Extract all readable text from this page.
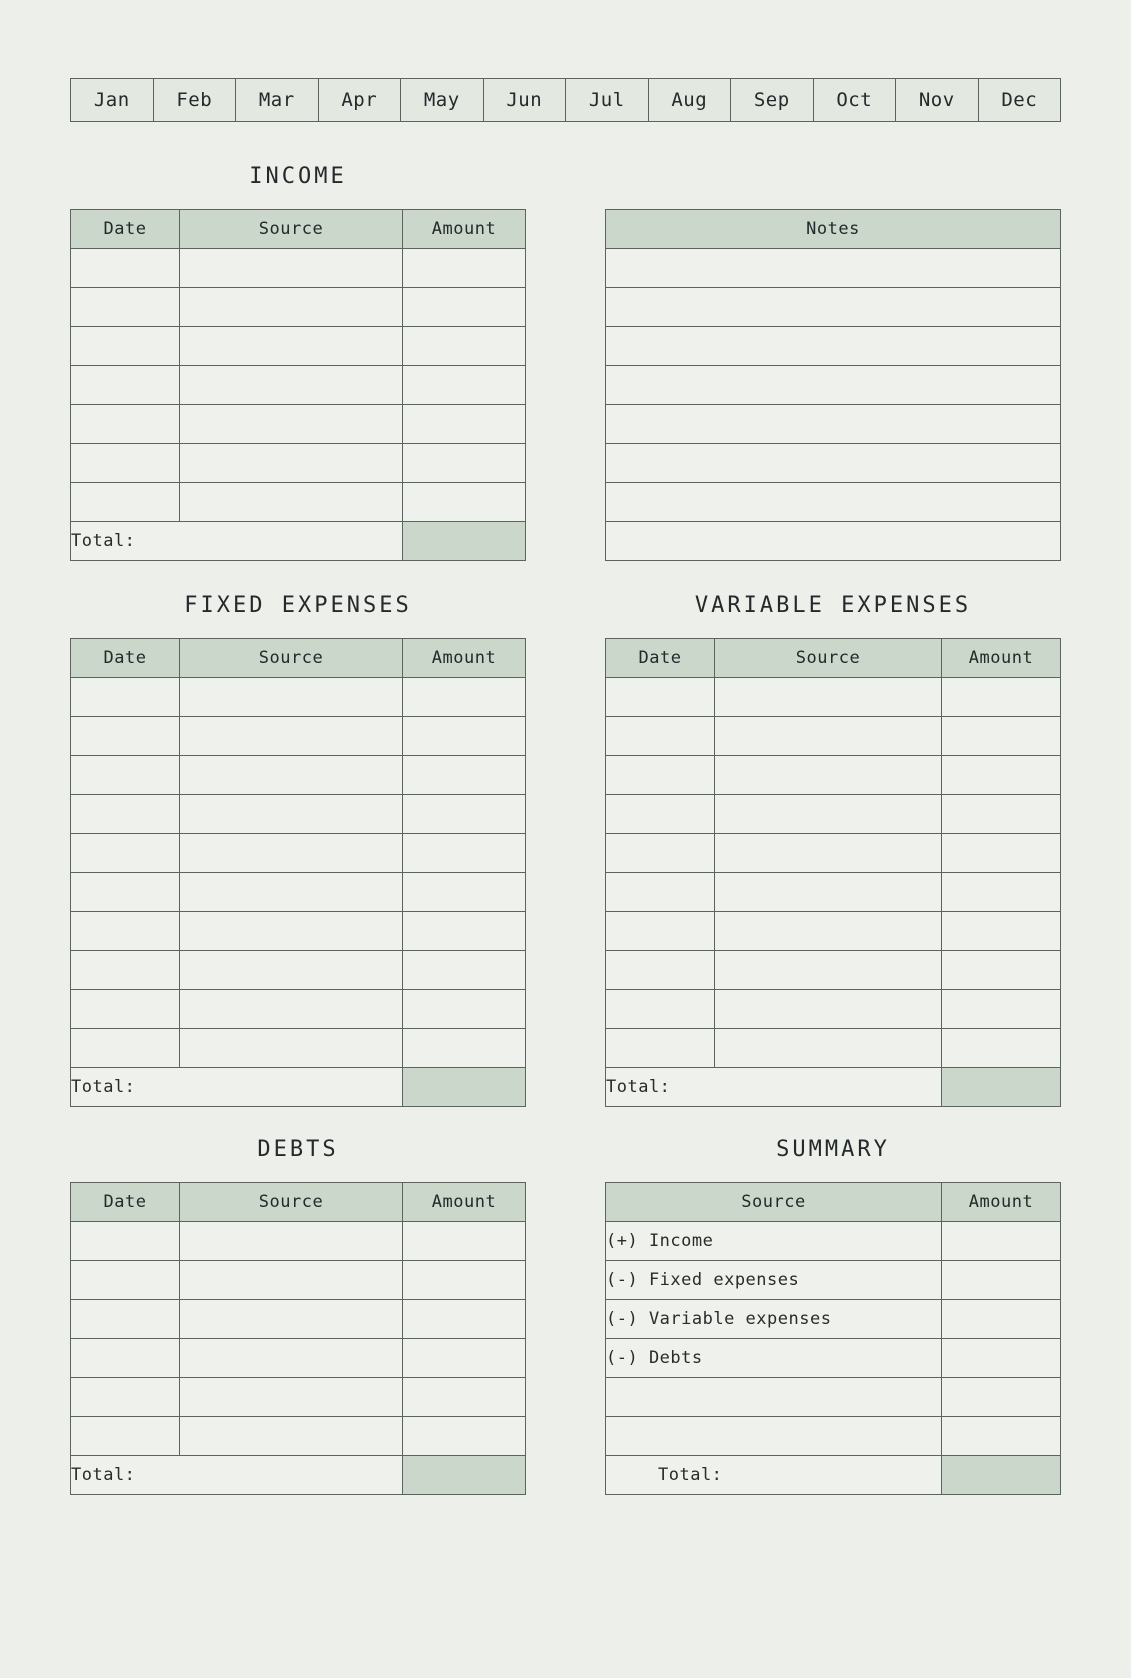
Jan	Feb	Mar	Apr	May	Jun	Jul	Aug	Sep	Oct	Nov	Dec
INCOME
Date	Source	Amount

Total:		
Notes

FIXED EXPENSES	VARIABLE EXPENSES
Date	Source	Amount

Total:		
Date	Source	Amount

Total:		
DEBTS	SUMMARY
Date	Source	Amount

Total:		
Source	Amount
(+) Income	
(-) Fixed expenses	
(-) Variable expenses	
(-) Debts	

Total:	
